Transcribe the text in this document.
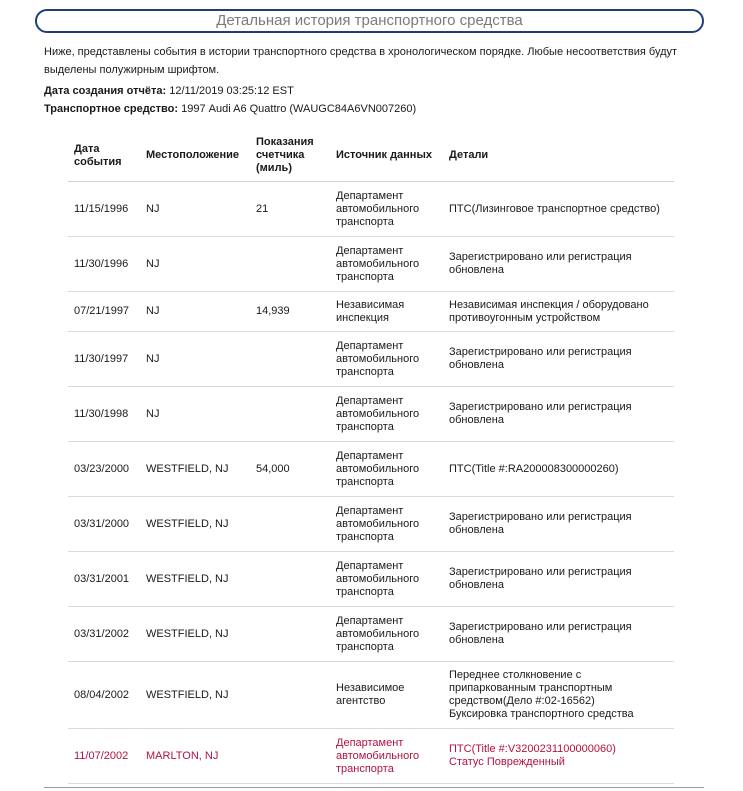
Детальная история транспортного средства
Ниже, представлены события в истории транспортного средства в хронологическом порядке. Любые несоответствия будут выделены полужирным шрифтом.
Дата создания отчёта: 12/11/2019 03:25:12 EST
Транспортное средство: 1997 Audi A6 Quattro (WAUGC84A6VN007260)
Дата события	Местоположение	Показания счетчика (миль)	Источник данных	Детали
11/15/1996	NJ	21	Департамент автомобильного транспорта	ПТС(Лизинговое транспортное средство)
11/30/1996	NJ		Департамент автомобильного транспорта	Зарегистрировано или регистрация обновлена
07/21/1997	NJ	14,939	Независимая инспекция	Независимая инспекция / оборудовано противоугонным устройством
11/30/1997	NJ		Департамент автомобильного транспорта	Зарегистрировано или регистрация обновлена
11/30/1998	NJ		Департамент автомобильного транспорта	Зарегистрировано или регистрация обновлена
03/23/2000	WESTFIELD, NJ	54,000	Департамент автомобильного транспорта	ПТС(Title #:RA200008300000260)
03/31/2000	WESTFIELD, NJ		Департамент автомобильного транспорта	Зарегистрировано или регистрация обновлена
03/31/2001	WESTFIELD, NJ		Департамент автомобильного транспорта	Зарегистрировано или регистрация обновлена
03/31/2002	WESTFIELD, NJ		Департамент автомобильного транспорта	Зарегистрировано или регистрация обновлена
08/04/2002	WESTFIELD, NJ		Независимое агентство	Переднее столкновение с припаркованным транспортным средством(Дело #:02-16562)
Буксировка транспортного средства
11/07/2002	MARLTON, NJ		Департамент автомобильного транспорта	ПТС(Title #:V3200231100000060)
Статус Поврежденный
